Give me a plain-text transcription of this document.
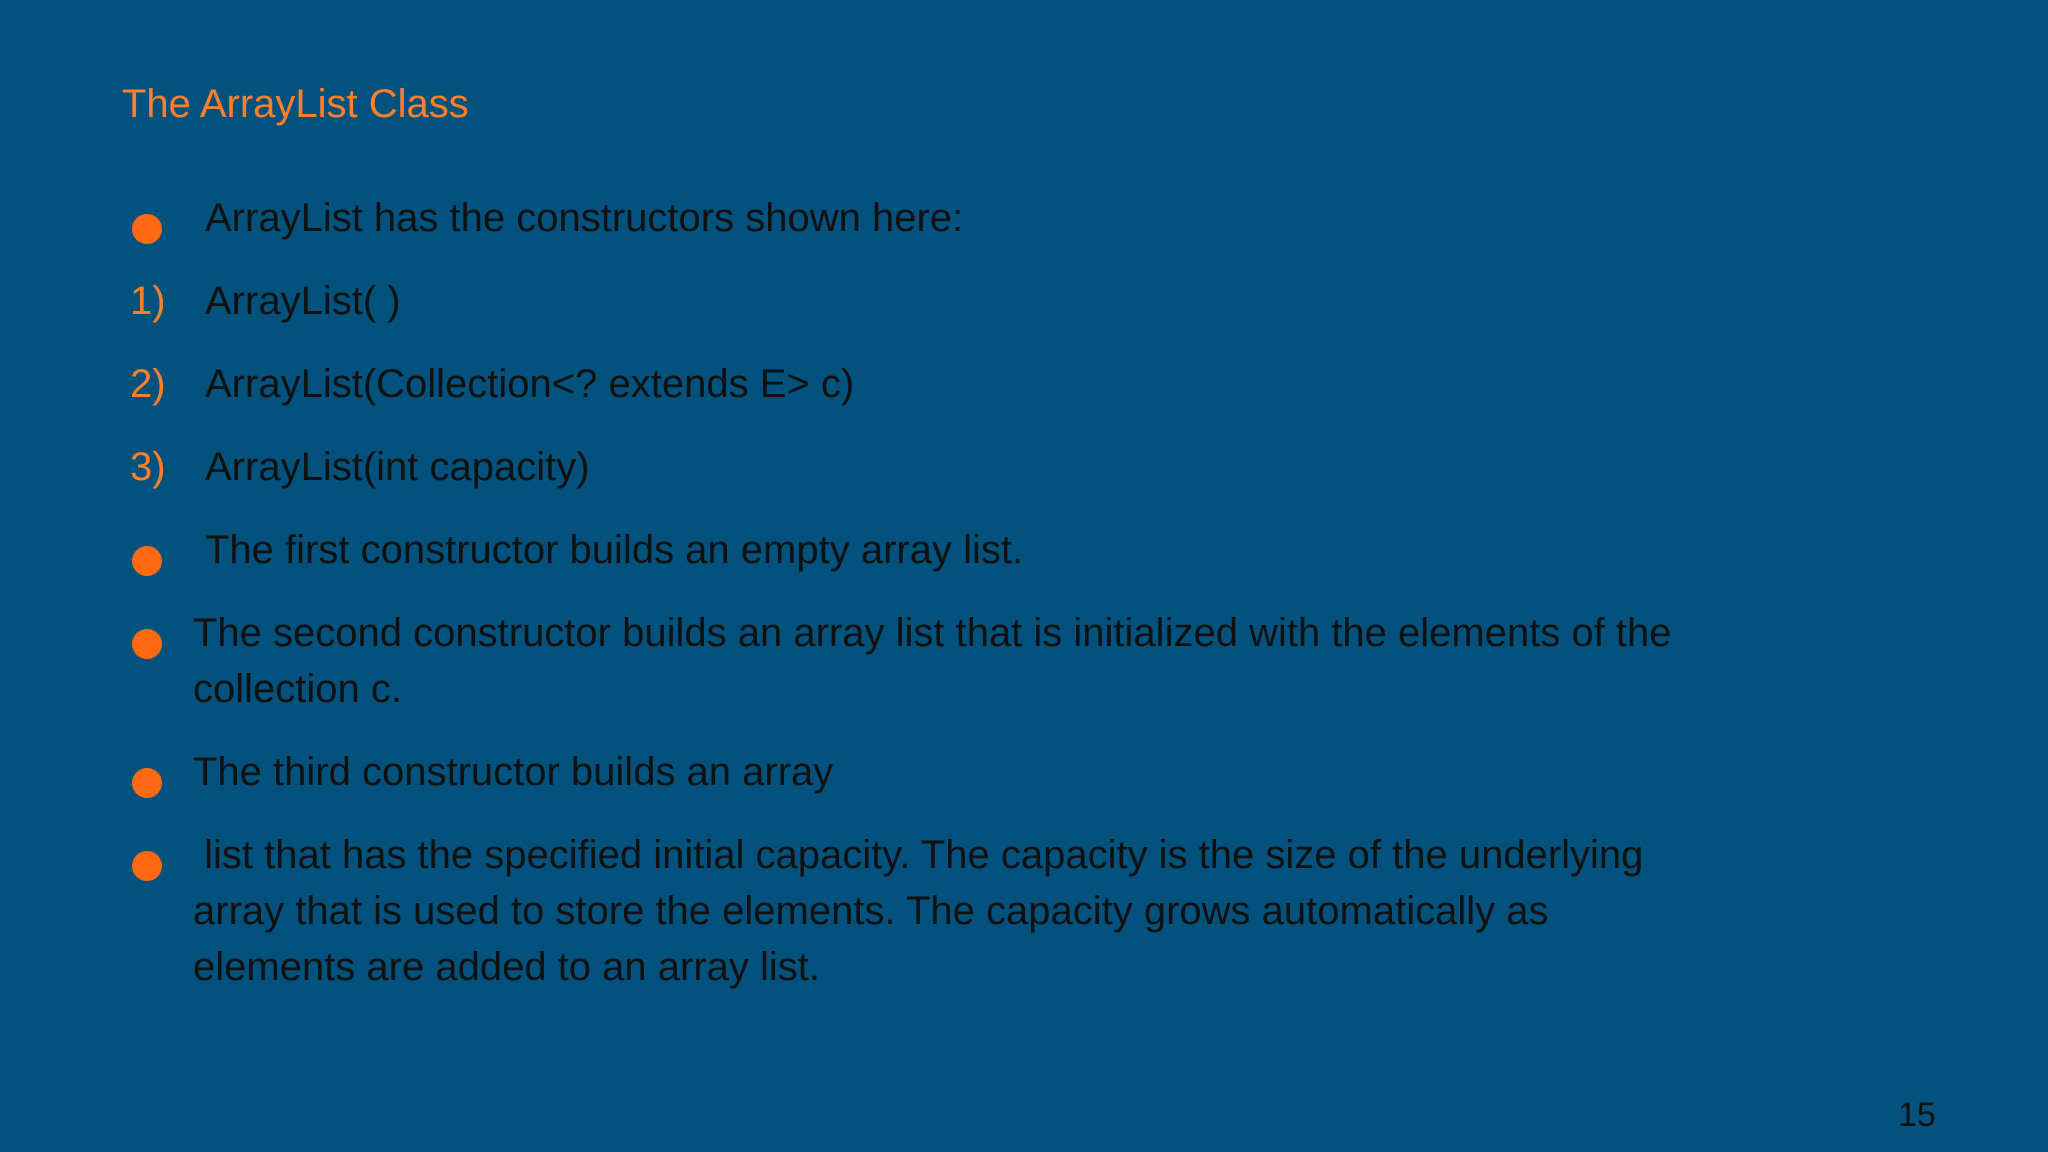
The ArrayList Class
ArrayList has the constructors shown here:
1) ArrayList( )
2) ArrayList(Collection<? extends E> c)
3) ArrayList(int capacity)
The first constructor builds an empty array list.
The second constructor builds an array list that is initialized with the elements of the
collection c.
The third constructor builds an array
list that has the specified initial capacity. The capacity is the size of the underlying
array that is used to store the elements. The capacity grows automatically as
elements are added to an array list.
15
